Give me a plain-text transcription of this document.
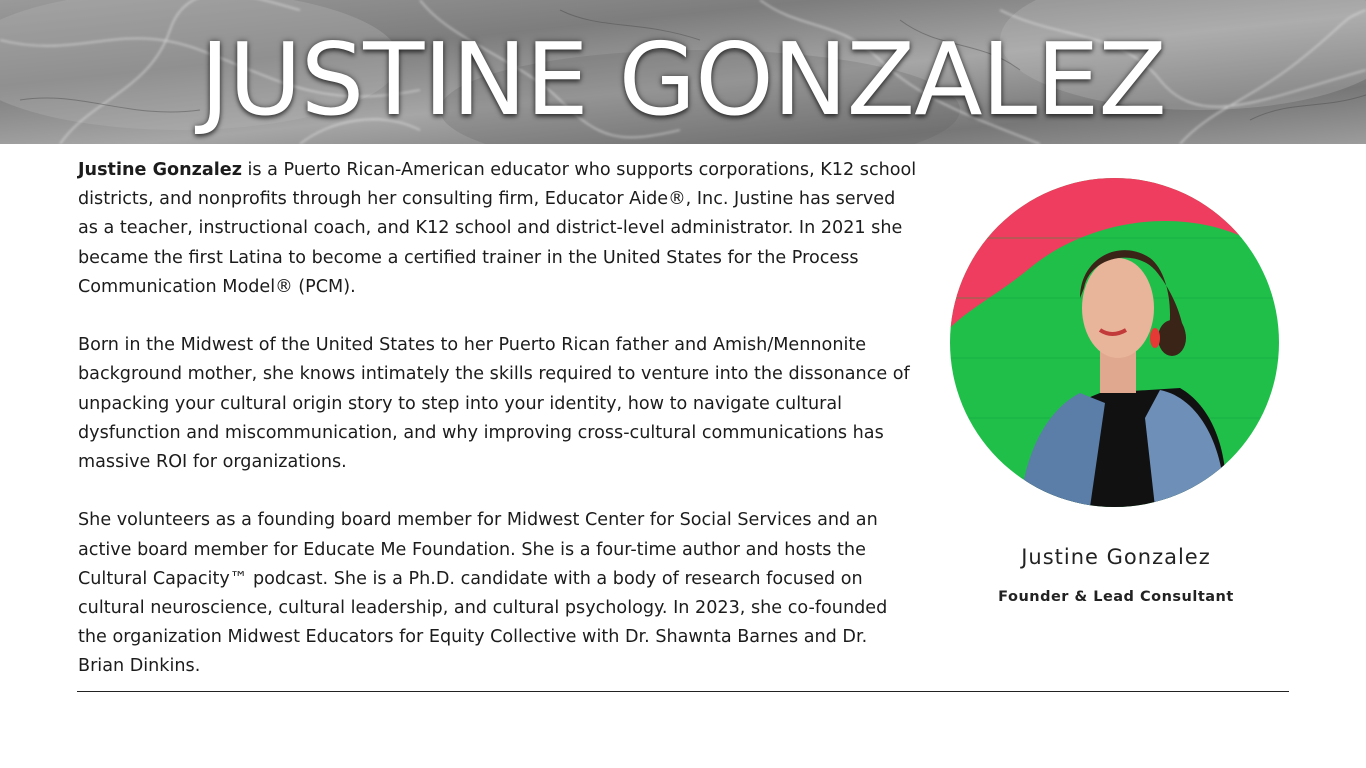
JUSTINE GONZALEZ

Justine Gonzalez is a Puerto Rican-American educator who supports corporations, K12 school districts, and nonprofits through her consulting firm, Educator Aide®, Inc. Justine has served as a teacher, instructional coach, and K12 school and district-level administrator. In 2021 she became the first Latina to become a certified trainer in the United States for the Process Communication Model® (PCM).

Born in the Midwest of the United States to her Puerto Rican father and Amish/Mennonite background mother, she knows intimately the skills required to venture into the dissonance of unpacking your cultural origin story to step into your identity, how to navigate cultural dysfunction and miscommunication, and why improving cross-cultural communications has massive ROI for organizations.

She volunteers as a founding board member for Midwest Center for Social Services and an active board member for Educate Me Foundation. She is a four-time author and hosts the Cultural Capacity™ podcast. She is a Ph.D. candidate with a body of research focused on cultural neuroscience, cultural leadership, and cultural psychology. In 2023, she co-founded the organization Midwest Educators for Equity Collective with Dr. Shawnta Barnes and Dr. Brian Dinkins.

Justine Gonzalez
Founder & Lead Consultant
